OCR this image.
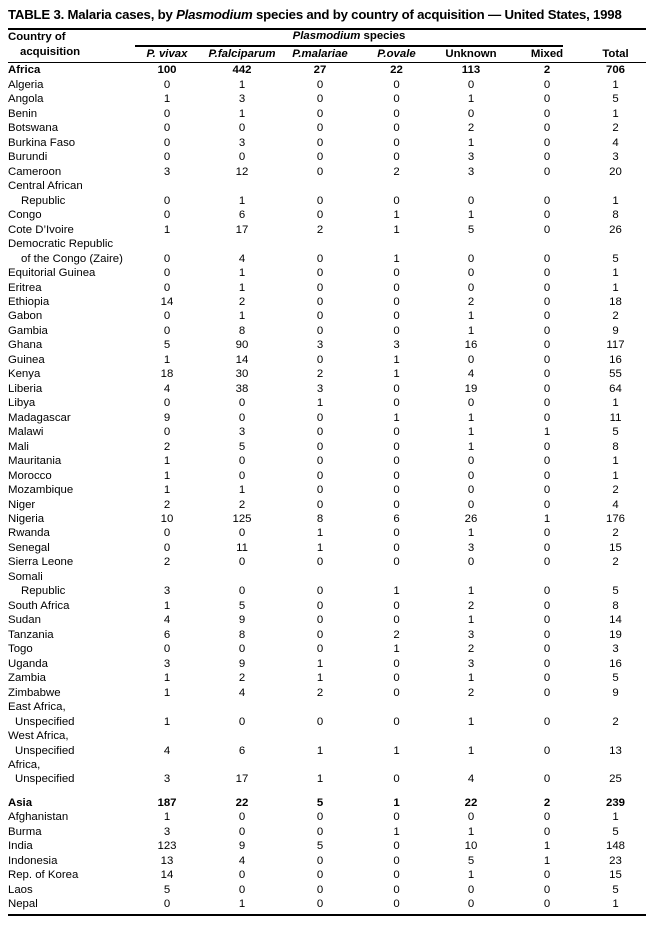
TABLE 3. Malaria cases, by Plasmodium species and by country of acquisition — United States, 1998
Country of
acquisition
Plasmodium species
	P. vivax	P.falciparum	P.malariae	P.ovale	Unknown	Mixed	Total
Africa	100	442	27	22	113	2	706
Algeria	0	1	0	0	0	0	1
Angola	1	3	0	0	1	0	5
Benin	0	1	0	0	0	0	1
Botswana	0	0	0	0	2	0	2
Burkina Faso	0	3	0	0	1	0	4
Burundi	0	0	0	0	3	0	3
Cameroon	3	12	0	2	3	0	20
Central African							
Republic	0	1	0	0	0	0	1
Congo	0	6	0	1	1	0	8
Cote D’Ivoire	1	17	2	1	5	0	26
Democratic Republic							
of the Congo (Zaire)	0	4	0	1	0	0	5
Equitorial Guinea	0	1	0	0	0	0	1
Eritrea	0	1	0	0	0	0	1
Ethiopia	14	2	0	0	2	0	18
Gabon	0	1	0	0	1	0	2
Gambia	0	8	0	0	1	0	9
Ghana	5	90	3	3	16	0	117
Guinea	1	14	0	1	0	0	16
Kenya	18	30	2	1	4	0	55
Liberia	4	38	3	0	19	0	64
Libya	0	0	1	0	0	0	1
Madagascar	9	0	0	1	1	0	11
Malawi	0	3	0	0	1	1	5
Mali	2	5	0	0	1	0	8
Mauritania	1	0	0	0	0	0	1
Morocco	1	0	0	0	0	0	1
Mozambique	1	1	0	0	0	0	2
Niger	2	2	0	0	0	0	4
Nigeria	10	125	8	6	26	1	176
Rwanda	0	0	1	0	1	0	2
Senegal	0	11	1	0	3	0	15
Sierra Leone	2	0	0	0	0	0	2
Somali							
Republic	3	0	0	1	1	0	5
South Africa	1	5	0	0	2	0	8
Sudan	4	9	0	0	1	0	14
Tanzania	6	8	0	2	3	0	19
Togo	0	0	0	1	2	0	3
Uganda	3	9	1	0	3	0	16
Zambia	1	2	1	0	1	0	5
Zimbabwe	1	4	2	0	2	0	9
East Africa,							
Unspecified	1	0	0	0	1	0	2
West Africa,							
Unspecified	4	6	1	1	1	0	13
Africa,							
Unspecified	3	17	1	0	4	0	25

Asia	187	22	5	1	22	2	239
Afghanistan	1	0	0	0	0	0	1
Burma	3	0	0	1	1	0	5
India	123	9	5	0	10	1	148
Indonesia	13	4	0	0	5	1	23
Rep. of Korea	14	0	0	0	1	0	15
Laos	5	0	0	0	0	0	5
Nepal	0	1	0	0	0	0	1
